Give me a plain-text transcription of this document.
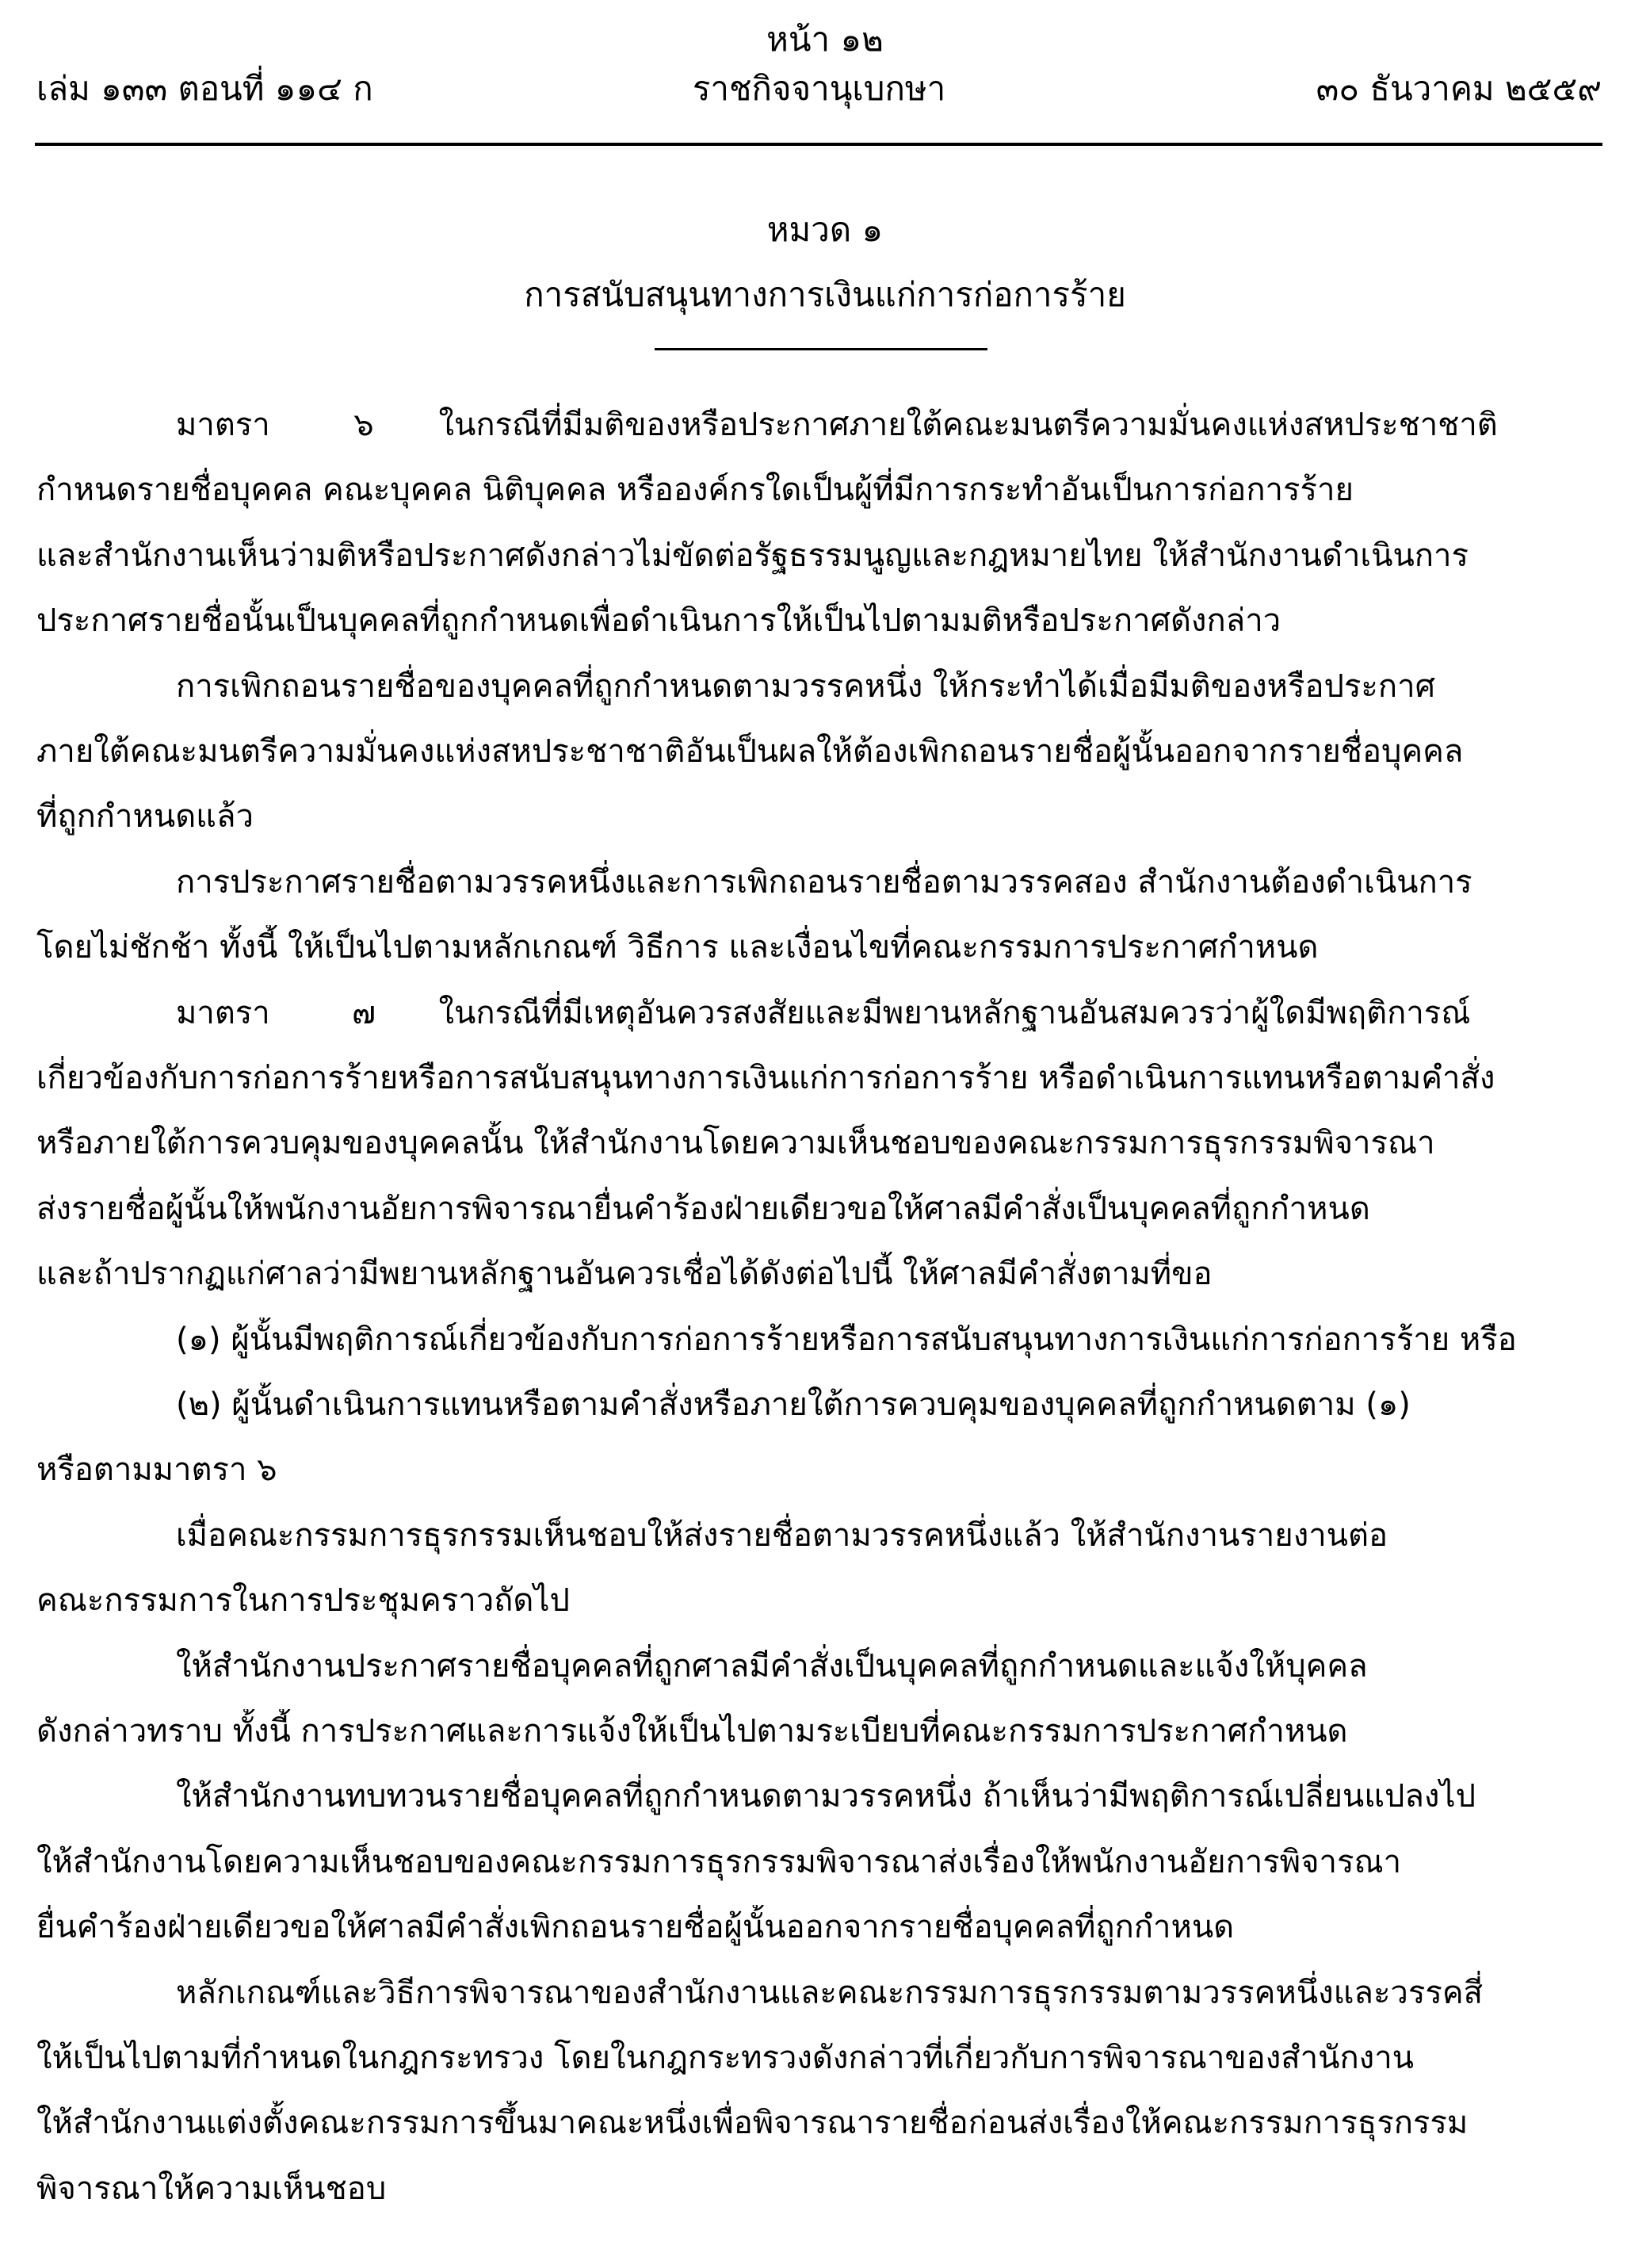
หน้า ๑๒
เล่ม ๑๓๓ ตอนที่ ๑๑๔ ก	ราชกิจจานุเบกษา	๓๐ ธันวาคม ๒๕๕๙
หมวด ๑
การสนับสนุนทางการเงินแก่การก่อการร้าย
มาตรา	๖ ในกรณีที่มีมติของหรือประกาศภายใต้คณะมนตรีความมั่นคงแห่งสหประชาชาติ
กำหนดรายชื่อบุคคล คณะบุคคล นิติบุคคล หรือองค์กรใดเป็นผู้ที่มีการกระทำอันเป็นการก่อการร้าย
และสำนักงานเห็นว่ามติหรือประกาศดังกล่าวไม่ขัดต่อรัฐธรรมนูญและกฎหมายไทย ให้สำนักงานดำเนินการ
ประกาศรายชื่อนั้นเป็นบุคคลที่ถูกกำหนดเพื่อดำเนินการให้เป็นไปตามมติหรือประกาศดังกล่าว
การเพิกถอนรายชื่อของบุคคลที่ถูกกำหนดตามวรรคหนึ่ง ให้กระทำได้เมื่อมีมติของหรือประกาศ
ภายใต้คณะมนตรีความมั่นคงแห่งสหประชาชาติอันเป็นผลให้ต้องเพิกถอนรายชื่อผู้นั้นออกจากรายชื่อบุคคล
ที่ถูกกำหนดแล้ว
การประกาศรายชื่อตามวรรคหนึ่งและการเพิกถอนรายชื่อตามวรรคสอง สำนักงานต้องดำเนินการ
โดยไม่ชักช้า ทั้งนี้ ให้เป็นไปตามหลักเกณฑ์ วิธีการ และเงื่อนไขที่คณะกรรมการประกาศกำหนด
มาตรา	๗ ในกรณีที่มีเหตุอันควรสงสัยและมีพยานหลักฐานอันสมควรว่าผู้ใดมีพฤติการณ์
เกี่ยวข้องกับการก่อการร้ายหรือการสนับสนุนทางการเงินแก่การก่อการร้าย หรือดำเนินการแทนหรือตามคำสั่ง
หรือภายใต้การควบคุมของบุคคลนั้น ให้สำนักงานโดยความเห็นชอบของคณะกรรมการธุรกรรมพิจารณา
ส่งรายชื่อผู้นั้นให้พนักงานอัยการพิจารณายื่นคำร้องฝ่ายเดียวขอให้ศาลมีคำสั่งเป็นบุคคลที่ถูกกำหนด
และถ้าปรากฏแก่ศาลว่ามีพยานหลักฐานอันควรเชื่อได้ดังต่อไปนี้ ให้ศาลมีคำสั่งตามที่ขอ
(๑) ผู้นั้นมีพฤติการณ์เกี่ยวข้องกับการก่อการร้ายหรือการสนับสนุนทางการเงินแก่การก่อการร้าย หรือ
(๒) ผู้นั้นดำเนินการแทนหรือตามคำสั่งหรือภายใต้การควบคุมของบุคคลที่ถูกกำหนดตาม (๑)
หรือตามมาตรา ๖
เมื่อคณะกรรมการธุรกรรมเห็นชอบให้ส่งรายชื่อตามวรรคหนึ่งแล้ว ให้สำนักงานรายงานต่อ
คณะกรรมการในการประชุมคราวถัดไป
ให้สำนักงานประกาศรายชื่อบุคคลที่ถูกศาลมีคำสั่งเป็นบุคคลที่ถูกกำหนดและแจ้งให้บุคคล
ดังกล่าวทราบ ทั้งนี้ การประกาศและการแจ้งให้เป็นไปตามระเบียบที่คณะกรรมการประกาศกำหนด
ให้สำนักงานทบทวนรายชื่อบุคคลที่ถูกกำหนดตามวรรคหนึ่ง ถ้าเห็นว่ามีพฤติการณ์เปลี่ยนแปลงไป
ให้สำนักงานโดยความเห็นชอบของคณะกรรมการธุรกรรมพิจารณาส่งเรื่องให้พนักงานอัยการพิจารณา
ยื่นคำร้องฝ่ายเดียวขอให้ศาลมีคำสั่งเพิกถอนรายชื่อผู้นั้นออกจากรายชื่อบุคคลที่ถูกกำหนด
หลักเกณฑ์และวิธีการพิจารณาของสำนักงานและคณะกรรมการธุรกรรมตามวรรคหนึ่งและวรรคสี่
ให้เป็นไปตามที่กำหนดในกฎกระทรวง โดยในกฎกระทรวงดังกล่าวที่เกี่ยวกับการพิจารณาของสำนักงาน
ให้สำนักงานแต่งตั้งคณะกรรมการขึ้นมาคณะหนึ่งเพื่อพิจารณารายชื่อก่อนส่งเรื่องให้คณะกรรมการธุรกรรม
พิจารณาให้ความเห็นชอบ
